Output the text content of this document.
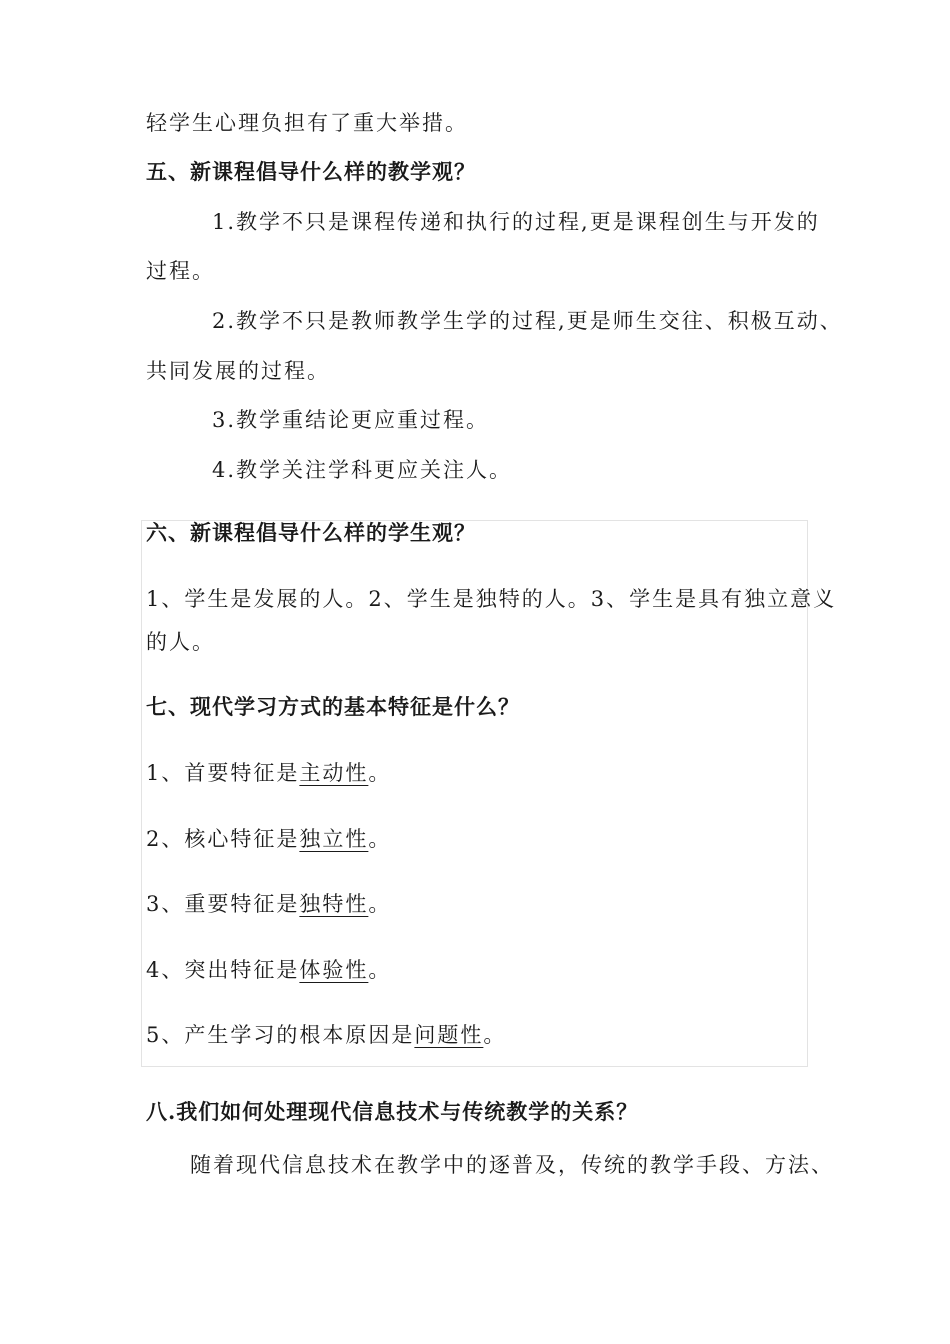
轻学生心理负担有了重大举措。
五、新课程倡导什么样的教学观？
1.教学不只是课程传递和执行的过程,更是课程创生与开发的
过程。
2.教学不只是教师教学生学的过程,更是师生交往、积极互动、
共同发展的过程。
3.教学重结论更应重过程。
4.教学关注学科更应关注人。
六、新课程倡导什么样的学生观？
1、学生是发展的人。2、学生是独特的人。3、学生是具有独立意义
的人。
七、现代学习方式的基本特征是什么？
1、首要特征是主动性。
2、核心特征是独立性。
3、重要特征是独特性。
4、突出特征是体验性。
5、产生学习的根本原因是问题性。
八.我们如何处理现代信息技术与传统教学的关系？
随着现代信息技术在教学中的逐普及，传统的教学手段、方法、
